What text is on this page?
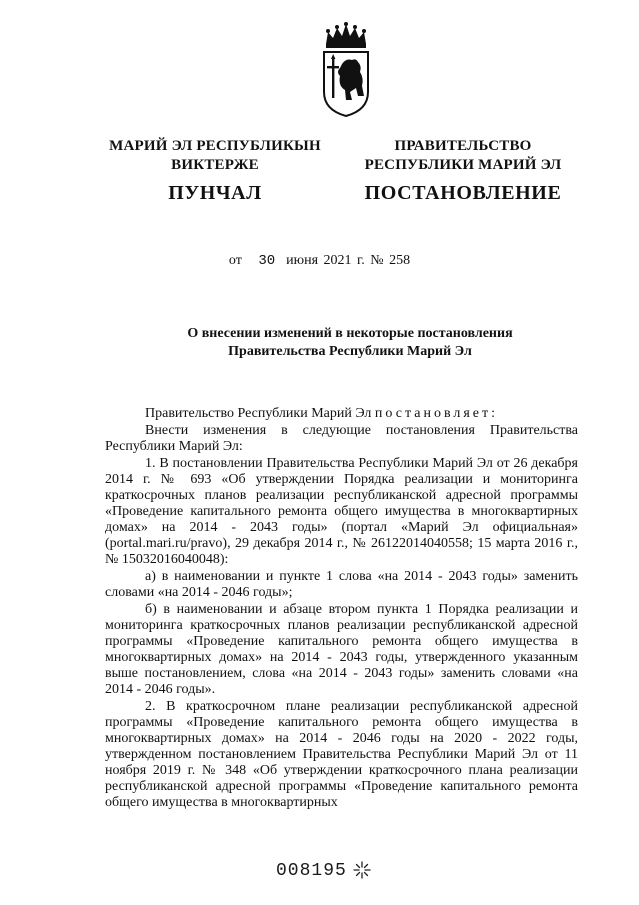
МАРИЙ ЭЛ РЕСПУБЛИКЫН
ВИКТЕРЖЕ
ПУНЧАЛ
ПРАВИТЕЛЬСТВО
РЕСПУБЛИКИ МАРИЙ ЭЛ
ПОСТАНОВЛЕНИЕ
от 30 июня 2021 г. № 258
О внесении изменений в некоторые постановления
Правительства Республики Марий Эл

Правительство Республики Марий Эл постановляет:

Внести изменения в следующие постановления Правительства Республики Марий Эл:

1. В постановлении Правительства Республики Марий Эл от 26 декабря 2014 г. № 693 «Об утверждении Порядка реализации и мониторинга краткосрочных планов реализации республиканской адресной программы «Проведение капитального ремонта общего имущества в многоквартирных домах» на 2014 - 2043 годы» (портал «Марий Эл официальная» (portal.mari.ru/pravo), 29 декабря 2014 г., № 26122014040558; 15 марта 2016 г., № 15032016040048):

а) в наименовании и пункте 1 слова «на 2014 - 2043 годы» заменить словами «на 2014 - 2046 годы»;

б) в наименовании и абзаце втором пункта 1 Порядка реализации и мониторинга краткосрочных планов реализации республиканской адресной программы «Проведение капитального ремонта общего имущества в многоквартирных домах» на 2014 - 2043 годы, утвержденного указанным выше постановлением, слова «на 2014 - 2043 годы» заменить словами «на 2014 - 2046 годы».

2. В краткосрочном плане реализации республиканской адресной программы «Проведение капитального ремонта общего имущества в многоквартирных домах» на 2014 - 2046 годы на 2020 - 2022 годы, утвержденном постановлением Правительства Республики Марий Эл от 11 ноября 2019 г. № 348 «Об утверждении краткосрочного плана реализации республиканской адресной программы «Проведение капитального ремонта общего имущества в многоквартирных

008195
